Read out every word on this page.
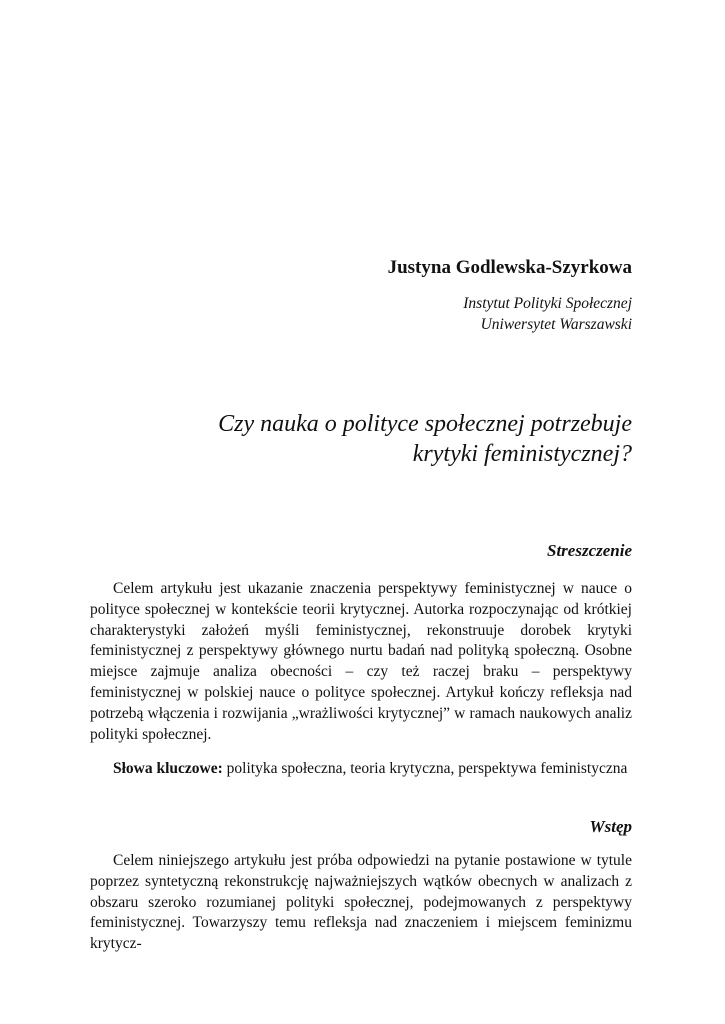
Justyna Godlewska-Szyrkowa
Instytut Polityki Społecznej
Uniwersytet Warszawski
Czy nauka o polityce społecznej potrzebuje
krytyki feministycznej?
Streszczenie

Celem artykułu jest ukazanie znaczenia perspektywy feministycznej w nauce o polityce społecznej w kontekście teorii krytycznej. Autorka rozpoczynając od krótkiej charakterystyki założeń myśli feministycznej, rekonstruuje dorobek krytyki feministycznej z perspektywy głównego nurtu badań nad polityką społeczną. Osobne miejsce zajmuje analiza obecności – czy też raczej braku – perspektywy feministycznej w polskiej nauce o polityce społecznej. Artykuł kończy refleksja nad potrzebą włączenia i rozwijania „wrażliwości krytycznej” w ramach naukowych analiz polityki społecznej.

Słowa kluczowe: polityka społeczna, teoria krytyczna, perspektywa feministyczna

Wstęp

Celem niniejszego artykułu jest próba odpowiedzi na pytanie postawione w tytule poprzez syntetyczną rekonstrukcję najważniejszych wątków obecnych w analizach z obszaru szeroko rozumianej polityki społecznej, podejmowanych z perspektywy feministycznej. Towarzyszy temu refleksja nad znaczeniem i miejscem feminizmu krytycz-
